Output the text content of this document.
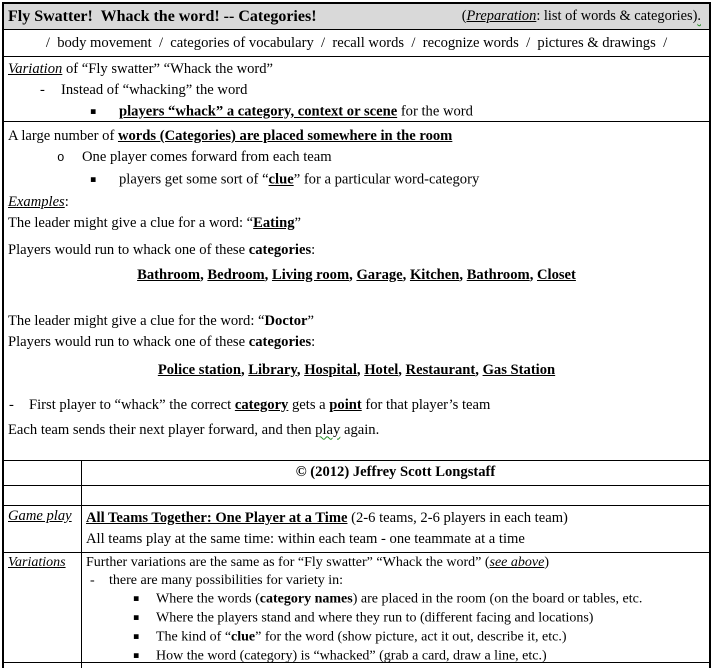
Fly Swatter!  Whack the word! -- Categories!	(Preparation: list of words & categories).
/  body movement  /  categories of vocabulary  /  recall words  /  recognize words  /  pictures & drawings  /
Variation of “Fly swatter” “Whack the word”
- Instead of “whacking” the word
▪ players “whack” a category, context or scene for the word
A large number of words (Categories) are placed somewhere in the room
o One player comes forward from each team
▪ players get some sort of “clue” for a particular word-category
Examples:
The leader might give a clue for a word: “Eating”
Players would run to whack one of these categories:
Bathroom, Bedroom, Living room, Garage, Kitchen, Bathroom, Closet
The leader might give a clue for the word: “Doctor”
Players would run to whack one of these categories:
Police station, Library, Hospital, Hotel, Restaurant, Gas Station
- First player to “whack” the correct category gets a point for that player’s team
Each team sends their next player forward, and then play again.
© (2012) Jeffrey Scott Longstaff
Game play All Teams Together: One Player at a Time (2-6 teams, 2-6 players in each team)
All teams play at the same time: within each team - one teammate at a time
Variations	Further variations are the same as for “Fly swatter” “Whack the word” (see above)
- there are many possibilities for variety in:
▪ Where the words (category names) are placed in the room (on the board or tables, etc.
▪ Where the players stand and where they run to (different facing and locations)
▪ The kind of “clue” for the word (show picture, act it out, describe it, etc.)
▪ How the word (category) is “whacked” (grab a card, draw a line, etc.)
